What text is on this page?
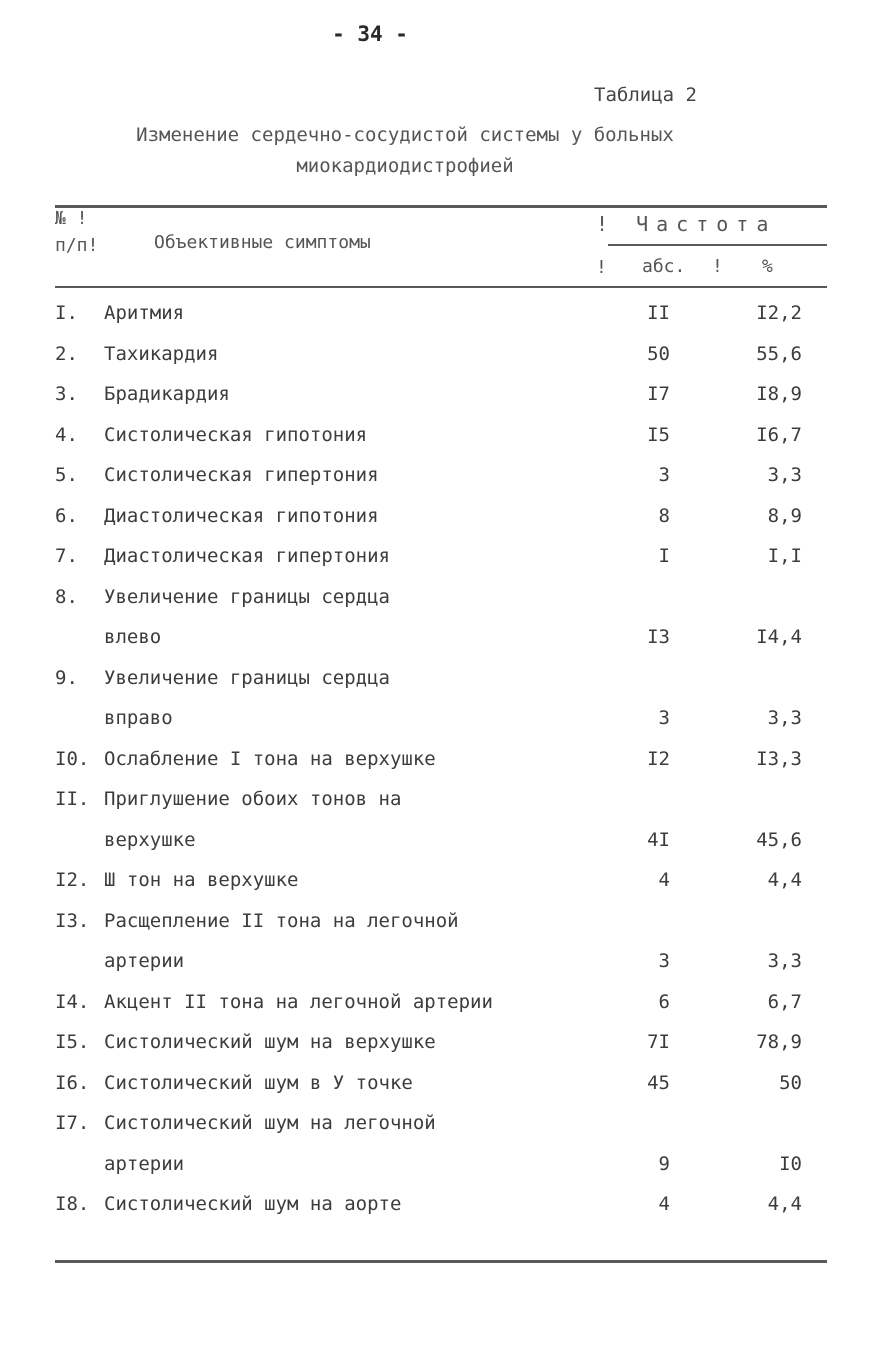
- 34 -
Таблица 2
Изменение сердечно-сосудистой системы у больных
миокардиодистрофией
№ !
п/п!	Объективные симптомы
! Частота
! абс. ! %
I. Аритмия	II	I2,2
2. Тахикардия	50	55,6
3. Брадикардия	I7	I8,9
4. Систолическая гипотония	I5	I6,7
5. Систолическая гипертония	3	3,3
6. Диастолическая гипотония	8	8,9
7. Диастолическая гипертония	I	I,I
8. Увеличение границы сердца
влево	I3	I4,4
9. Увеличение границы сердца
вправо	3	3,3
I0. Ослабление I тона на верхушке	I2	I3,3
II. Приглушение обоих тонов на
верхушке	4I	45,6
I2. Ш тон на верхушке	4	4,4
I3. Расщепление II тона на легочной
артерии	3	3,3
I4. Акцент II тона на легочной артерии	6	6,7
I5. Систолический шум на верхушке	7I	78,9
I6. Систолический шум в У точке	45	50
I7. Систолический шум на легочной
артерии	9	I0
I8. Систолический шум на аорте	4	4,4
